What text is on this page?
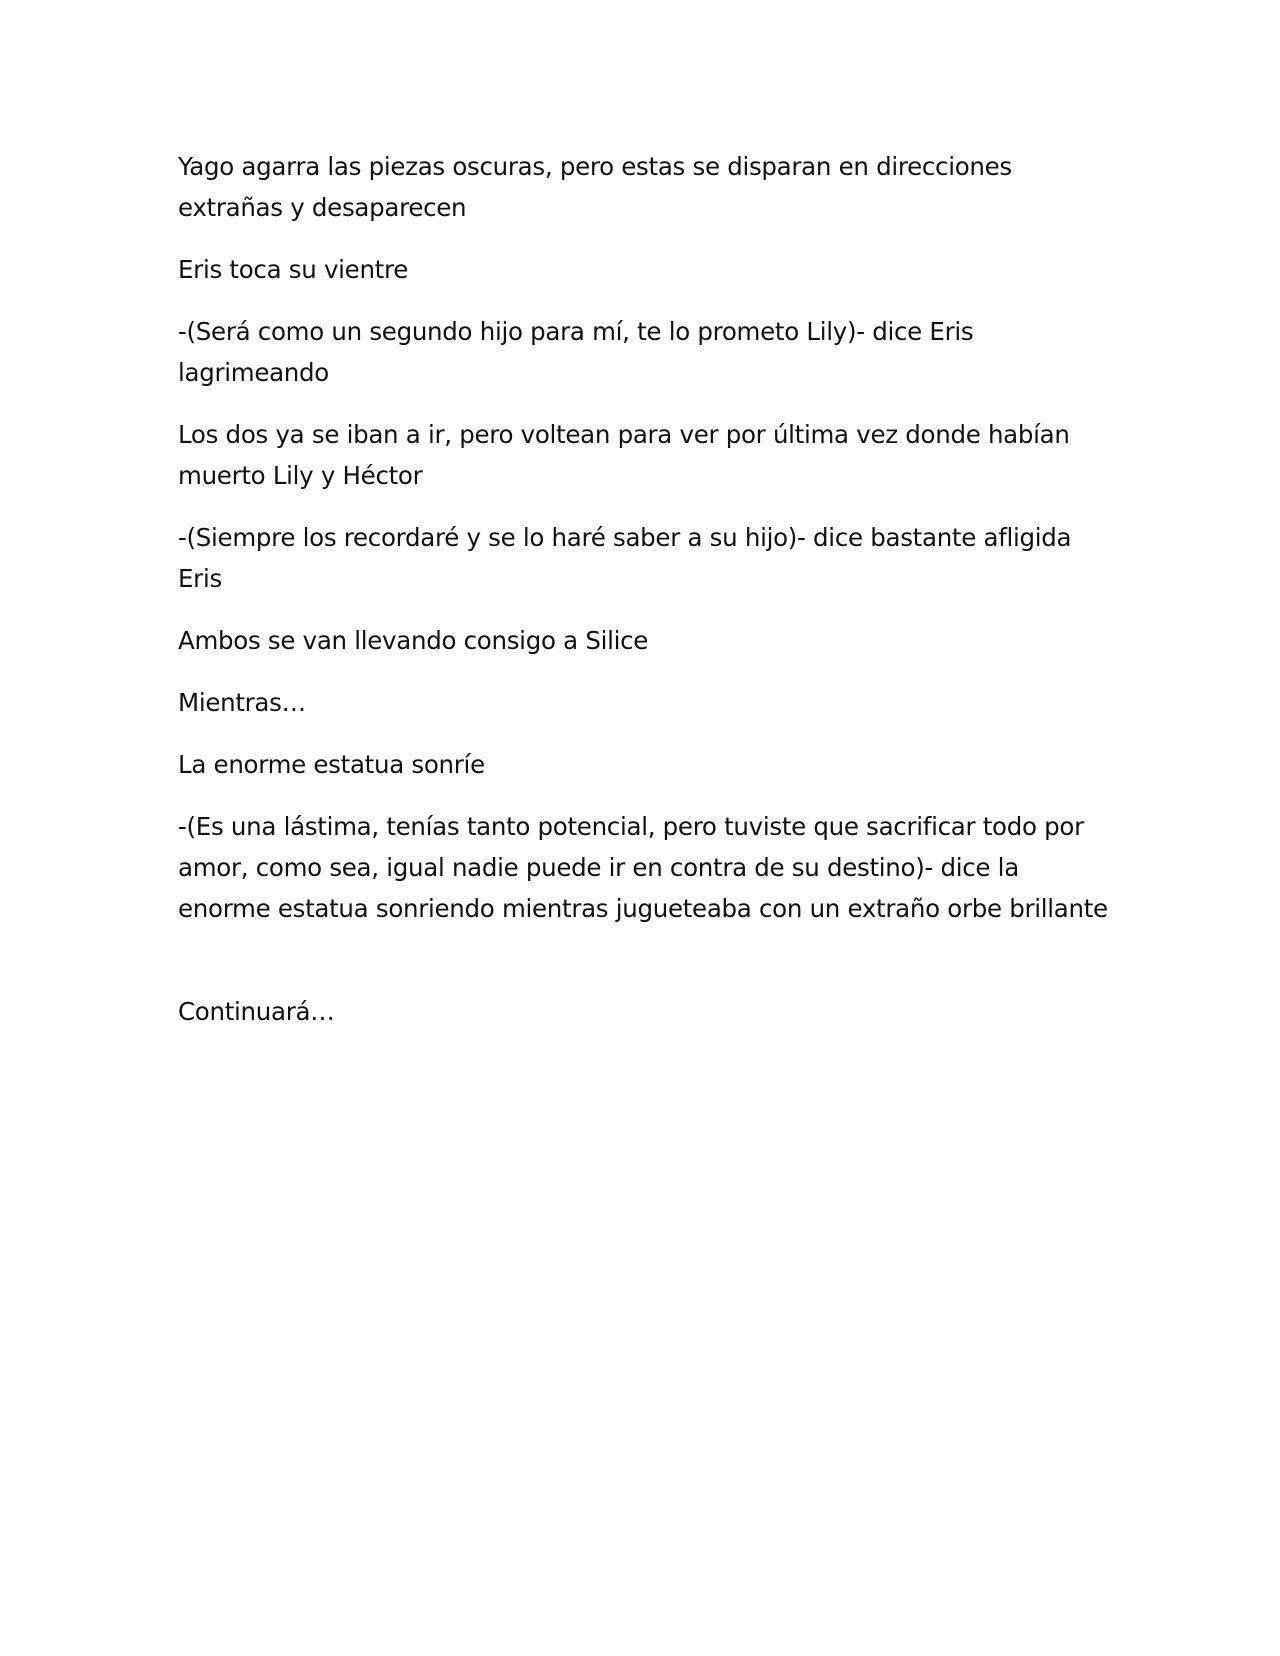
Yago agarra las piezas oscuras, pero estas se disparan en direcciones extrañas y desaparecen

Eris toca su vientre

-(Será como un segundo hijo para mí, te lo prometo Lily)- dice Eris lagrimeando

Los dos ya se iban a ir, pero voltean para ver por última vez donde habían muerto Lily y Héctor

-(Siempre los recordaré y se lo haré saber a su hijo)- dice bastante afligida Eris

Ambos se van llevando consigo a Silice

Mientras…

La enorme estatua sonríe

-(Es una lástima, tenías tanto potencial, pero tuviste que sacrificar todo por amor, como sea, igual nadie puede ir en contra de su destino)- dice la enorme estatua sonriendo mientras jugueteaba con un extraño orbe brillante

Continuará…
